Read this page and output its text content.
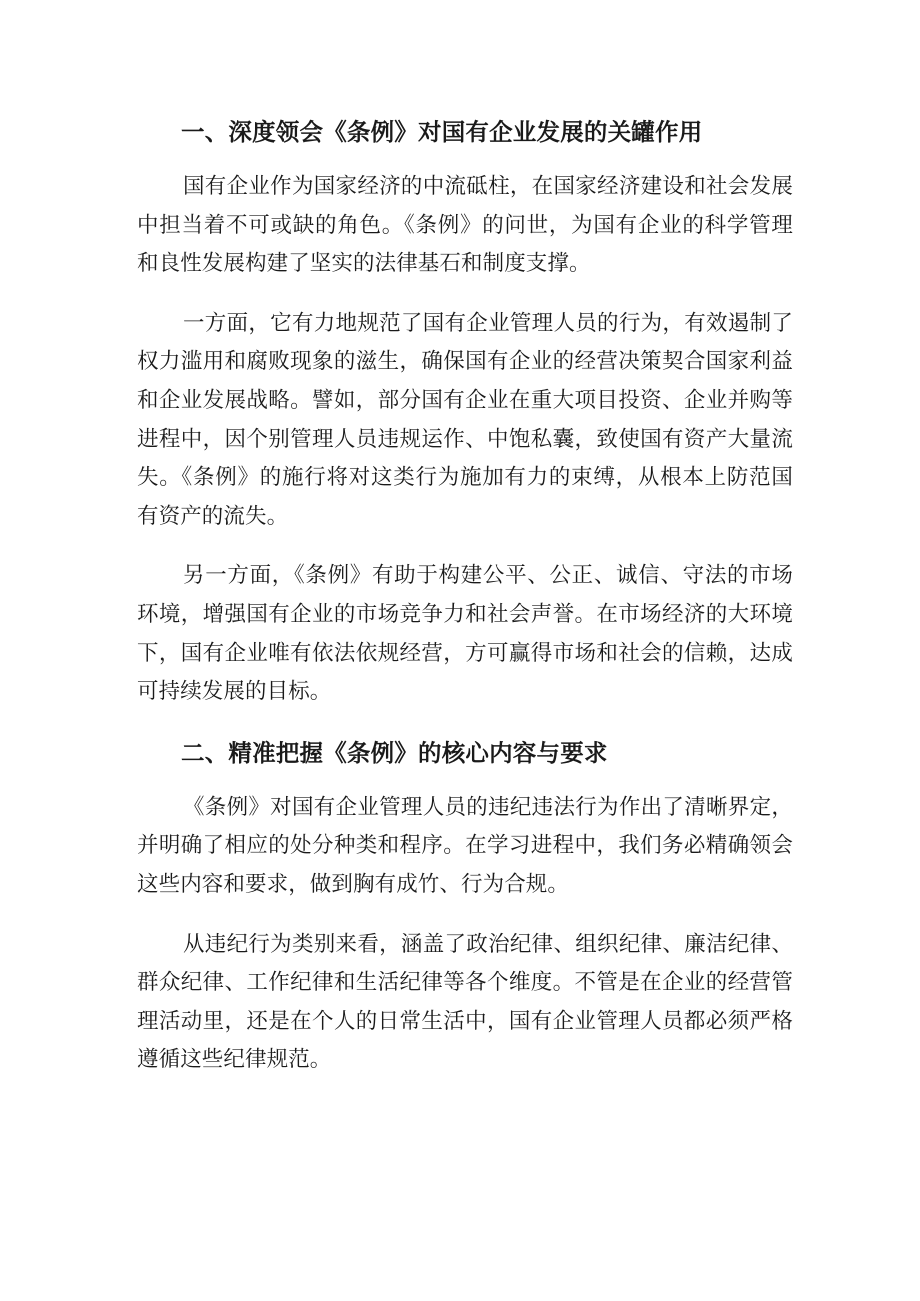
一、深度领会《条例》对国有企业发展的关罐作用

国有企业作为国家经济的中流砥柱，在国家经济建设和社会发展中担当着不可或缺的角色。《条例》的问世，为国有企业的科学管理和良性发展构建了坚实的法律基石和制度支撑。

一方面，它有力地规范了国有企业管理人员的行为，有效遏制了权力滥用和腐败现象的滋生，确保国有企业的经营决策契合国家利益和企业发展战略。譬如，部分国有企业在重大项目投资、企业并购等进程中，因个别管理人员违规运作、中饱私囊，致使国有资产大量流失。《条例》的施行将对这类行为施加有力的束缚，从根本上防范国有资产的流失。

另一方面，《条例》有助于构建公平、公正、诚信、守法的市场环境，增强国有企业的市场竞争力和社会声誉。在市场经济的大环境下，国有企业唯有依法依规经营，方可赢得市场和社会的信赖，达成可持续发展的目标。

二、精准把握《条例》的核心内容与要求

《条例》对国有企业管理人员的违纪违法行为作出了清晰界定，并明确了相应的处分种类和程序。在学习进程中，我们务必精确领会这些内容和要求，做到胸有成竹、行为合规。

从违纪行为类别来看，涵盖了政治纪律、组织纪律、廉洁纪律、群众纪律、工作纪律和生活纪律等各个维度。不管是在企业的经营管理活动里，还是在个人的日常生活中，国有企业管理人员都必须严格遵循这些纪律规范。
